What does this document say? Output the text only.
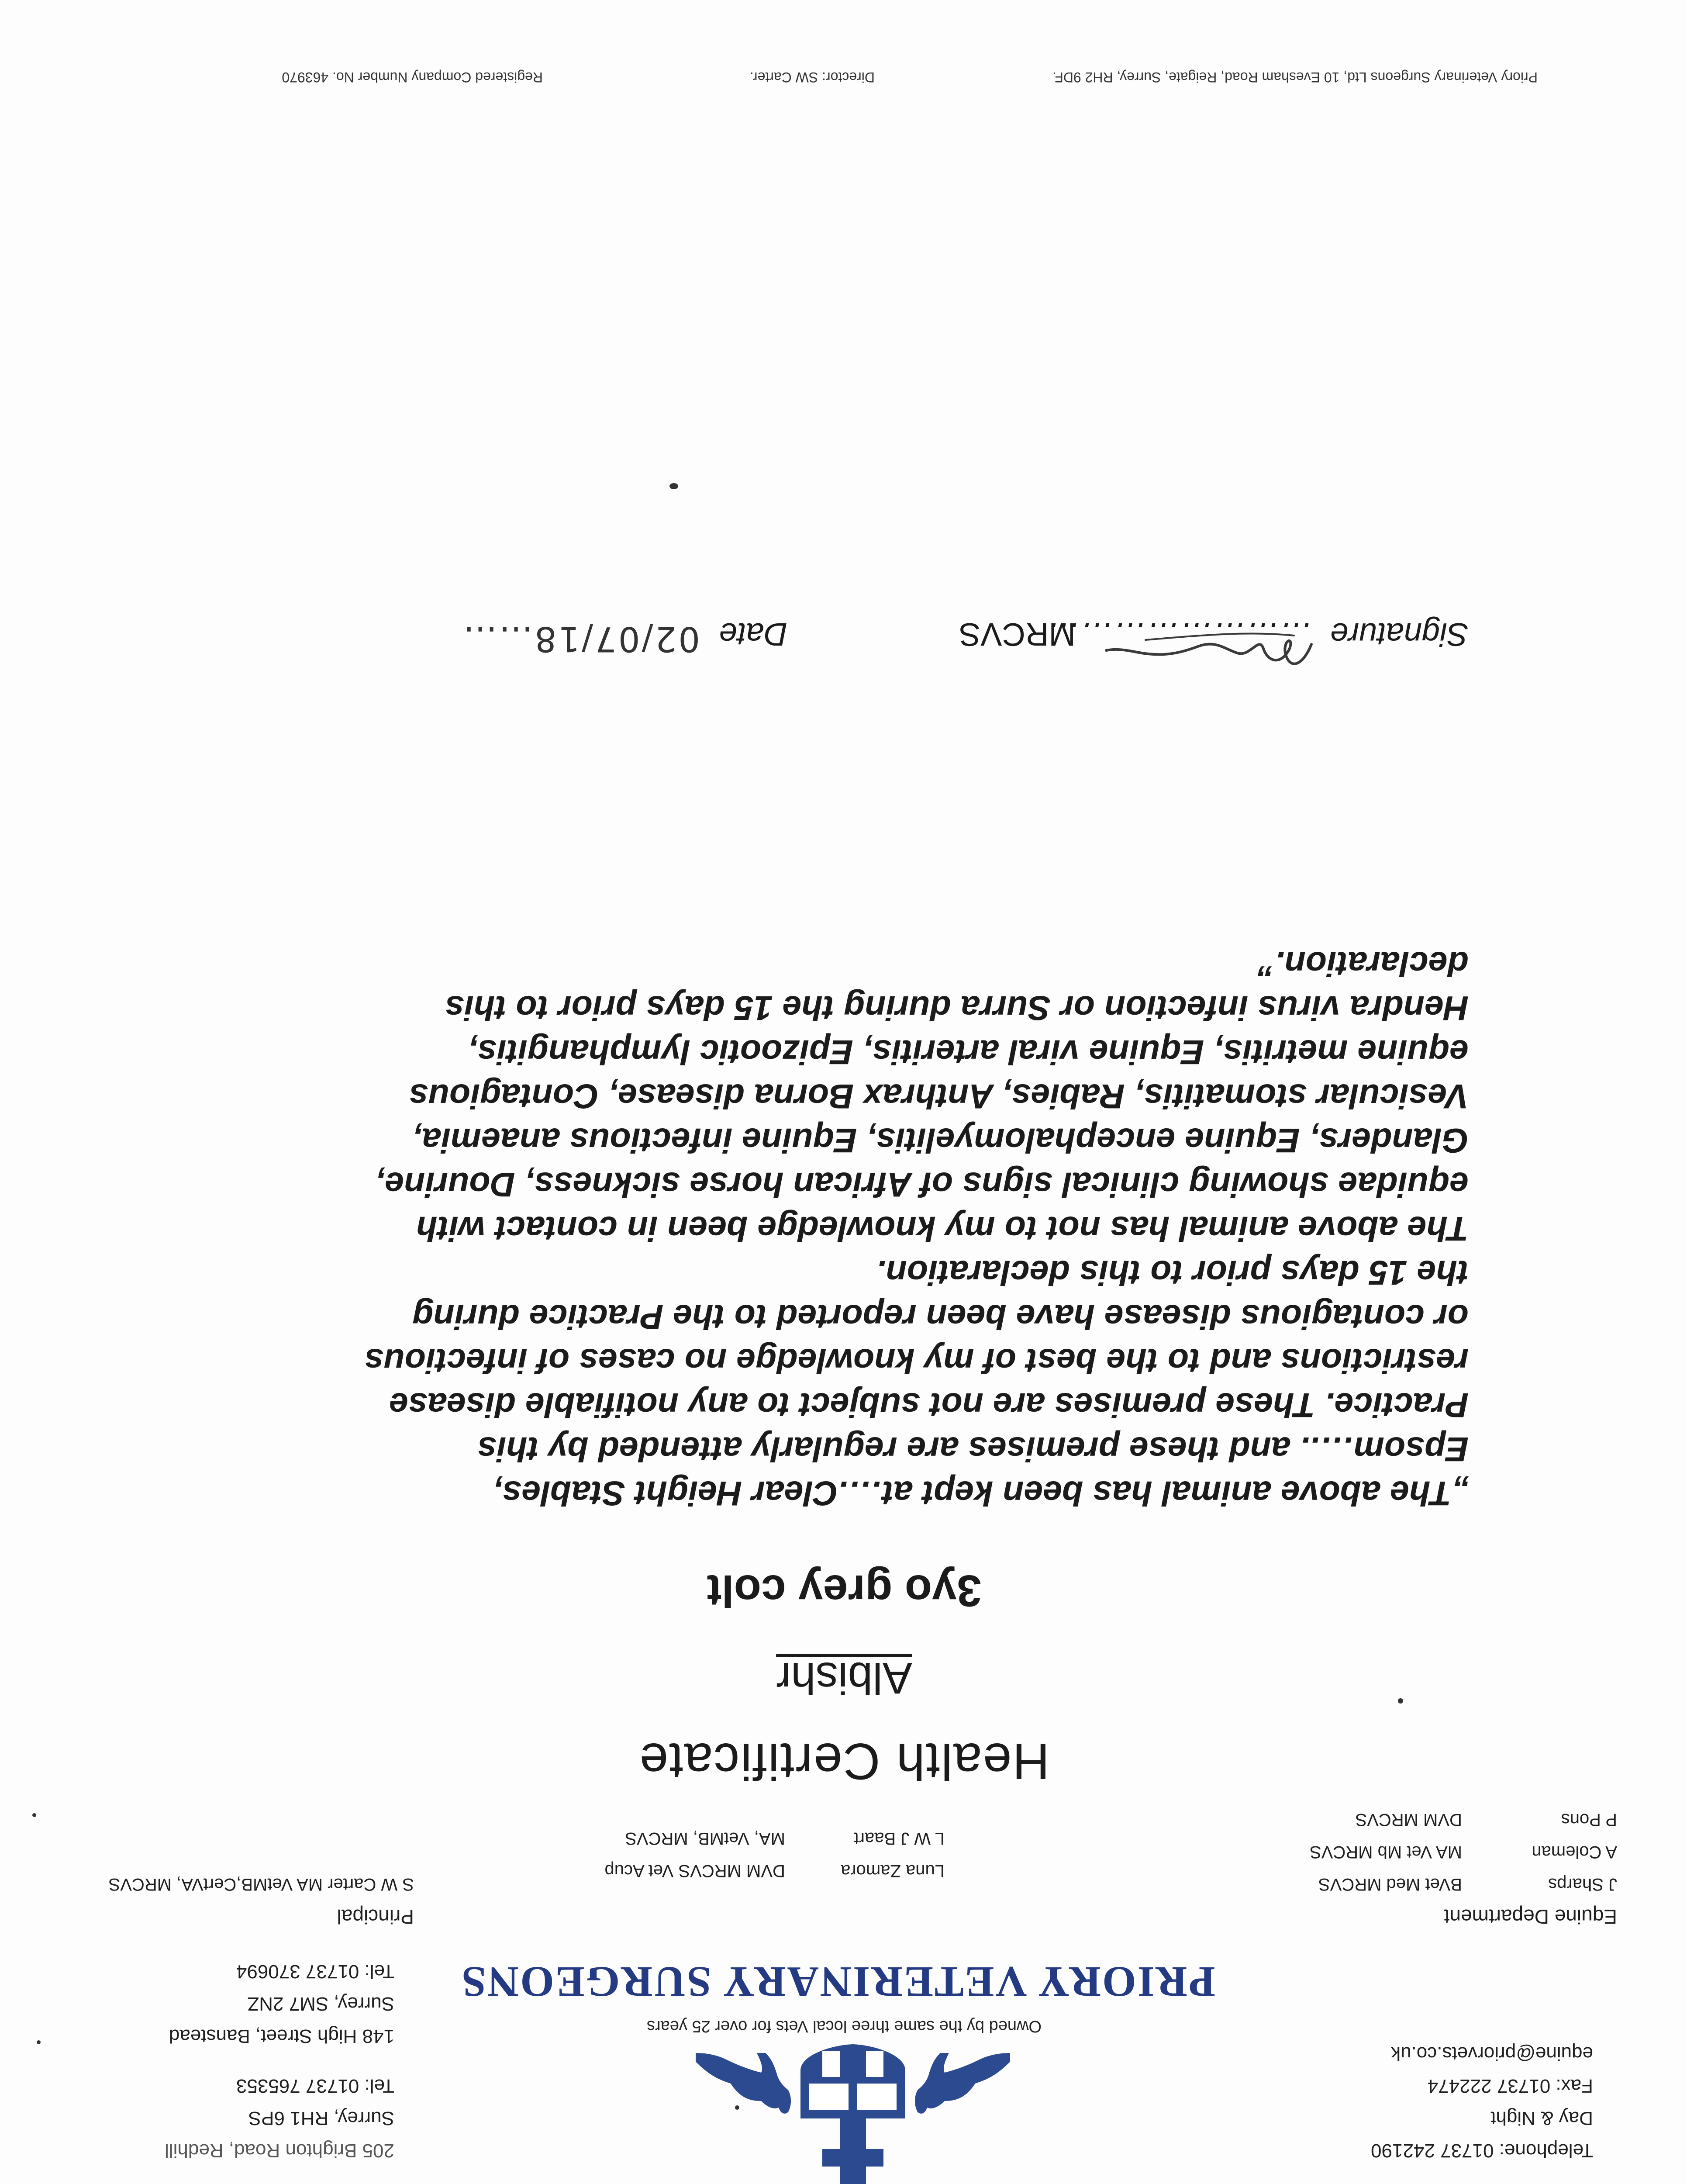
Telephone: 01737 242190
Day & Night
Fax: 01737 222474
equine@priorvets.co.uk
205 Brighton Road, Redhill
Surrey, RH1 6PS
Tel: 01737 765353
148 High Street, Banstead
Surrey, SM7 2NZ
Tel: 01737 370694
Owned by the same three local Vets for over 25 years
PRIORY VETERINARY SURGEONS
Equine Department
J SharpsBVet Med MRCVS
A ColemanMA Vet Mb MRCVS
P PonsDVM MRCVS
Luna ZamoraDVM MRCVS Vet Acup
L W J BaartMA, VetMB, MRCVS
Principal
S W Carter MA VetMB,CertVA, MRCVS
Health Certificate
Albishr
3yo grey colt
„The above animal has been kept at….Clear Height Stables,
Epsom….. and these premises are regularly attended by this
Practice. These premises are not subject to any notifiable disease
restrictions and to the best of my knowledge no cases of infectious
or contagious disease have been reported to the Practice during
the 15 days prior to this declaration.
The above animal has not to my knowledge been in contact with
equidae showing clinical signs of African horse sickness, Dourine,
Glanders, Equine encephalomyelitis, Equine infectious anaemia,
Vesicular stomatitis, Rabies, Anthrax Borna disease, Contagious
equine metritis, Equine viral arteritis, Epizootic lymphangitis,
Hendra virus infection or Surra during the 15 days prior to this
declaration.”
Signature
……………………
MRCVS
Date
02/07/18……
Priory Veterinary Surgeons Ltd, 10 Evesham Road, Reigate, Surrey, RH2 9DF.
Director: SW Carter.
Registered Company Number No. 463970
